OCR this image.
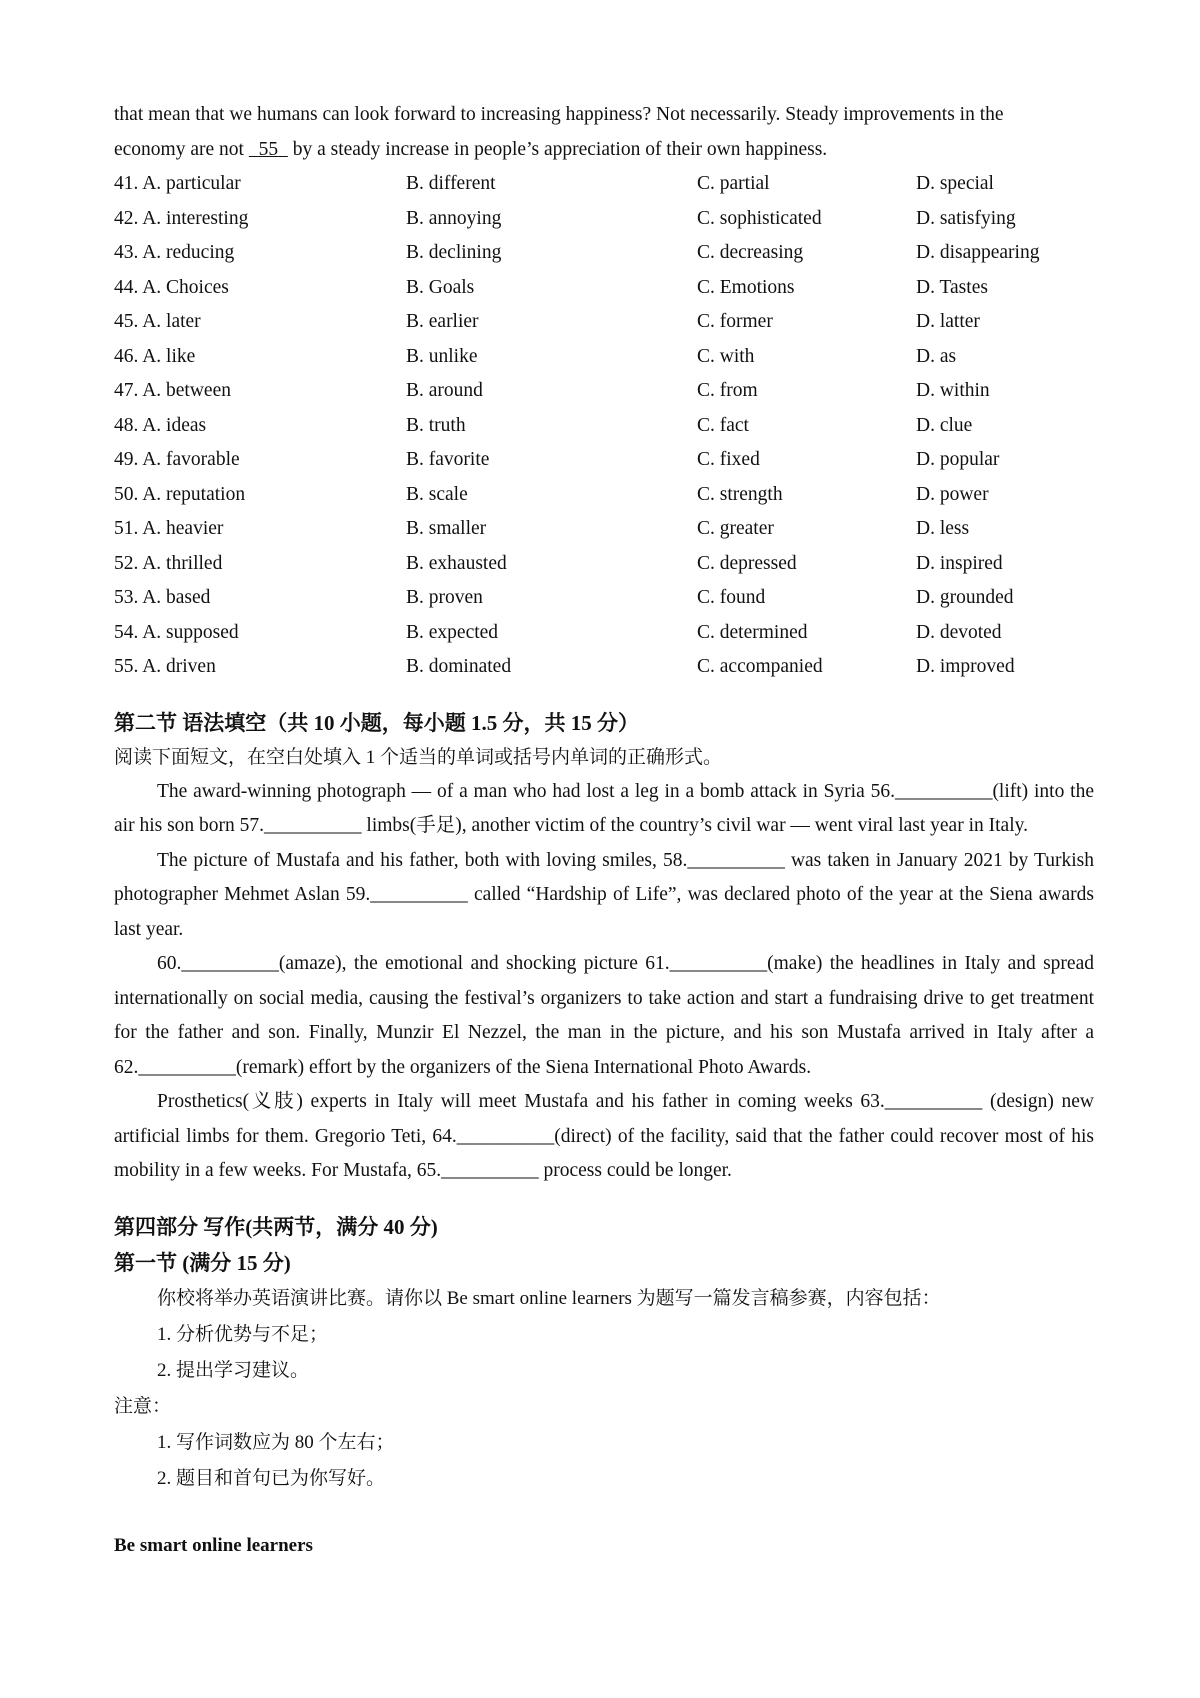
that mean that we humans can look forward to increasing happiness? Not necessarily. Steady improvements in the

economy are not   55   by a steady increase in people’s appreciation of their own happiness.

41. A. particular	B. different	C. partial	D. special
42. A. interesting	B. annoying	C. sophisticated	D. satisfying
43. A. reducing	B. declining	C. decreasing	D. disappearing
44. A. Choices	B. Goals	C. Emotions	D. Tastes
45. A. later	B. earlier	C. former	D. latter
46. A. like	B. unlike	C. with	D. as
47. A. between	B. around	C. from	D. within
48. A. ideas	B. truth	C. fact	D. clue
49. A. favorable	B. favorite	C. fixed	D. popular
50. A. reputation	B. scale	C. strength	D. power
51. A. heavier	B. smaller	C. greater	D. less
52. A. thrilled	B. exhausted	C. depressed	D. inspired
53. A. based	B. proven	C. found	D. grounded
54. A. supposed	B. expected	C. determined	D. devoted
55. A. driven	B. dominated	C. accompanied	D. improved

第二节 语法填空（共 10 小题，每小题 1.5 分，共 15 分）

阅读下面短文，在空白处填入 1 个适当的单词或括号内单词的正确形式。

The award-winning photograph — of a man who had lost a leg in a bomb attack in Syria 56.__________(lift) into the air his son born 57.__________ limbs(手足), another victim of the country’s civil war — went viral last year in Italy.

The picture of Mustafa and his father, both with loving smiles, 58.__________ was taken in January 2021 by Turkish photographer Mehmet Aslan 59.__________ called “Hardship of Life”, was declared photo of the year at the Siena awards last year.

60.__________(amaze), the emotional and shocking picture 61.__________(make) the headlines in Italy and spread internationally on social media, causing the festival’s organizers to take action and start a fundraising drive to get treatment for the father and son. Finally, Munzir El Nezzel, the man in the picture, and his son Mustafa arrived in Italy after a 62.__________(remark) effort by the organizers of the Siena International Photo Awards.

Prosthetics(义肢) experts in Italy will meet Mustafa and his father in coming weeks 63.__________ (design) new artificial limbs for them. Gregorio Teti, 64.__________(direct) of the facility, said that the father could recover most of his mobility in a few weeks. For Mustafa, 65.__________ process could be longer.

第四部分 写作(共两节，满分 40 分)

第一节 (满分 15 分)

你校将举办英语演讲比赛。请你以 Be smart online learners 为题写一篇发言稿参赛，内容包括：

1. 分析优势与不足；

2. 提出学习建议。

注意：

1. 写作词数应为 80 个左右；

2. 题目和首句已为你写好。

Be smart online learners
